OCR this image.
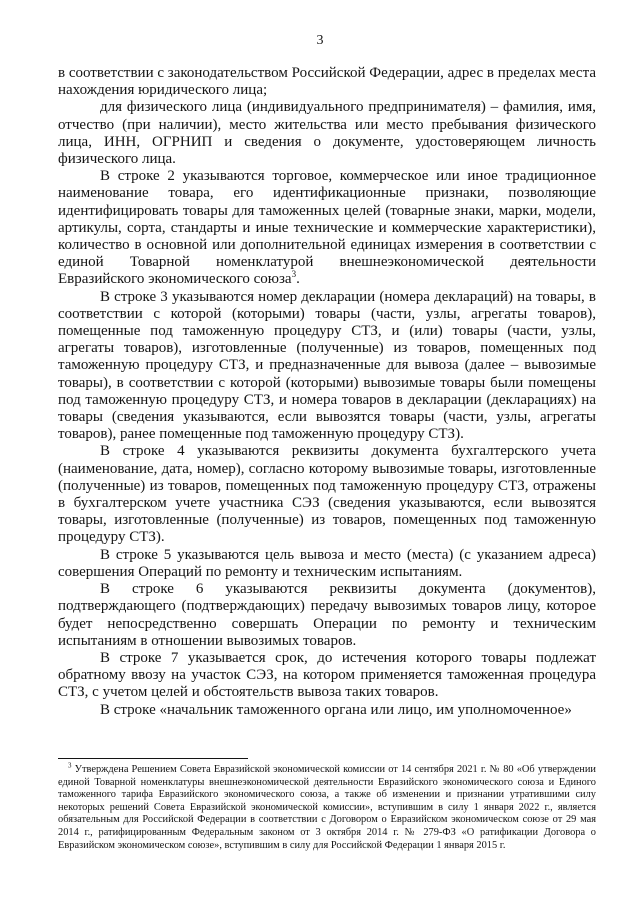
3

в соответствии с законодательством Российской Федерации, адрес в пределах места нахождения юридического лица;

для физического лица (индивидуального предпринимателя) – фамилия, имя, отчество (при наличии), место жительства или место пребывания физического лица, ИНН, ОГРНИП и сведения о документе, удостоверяющем личность физического лица.

В строке 2 указываются торговое, коммерческое или иное традиционное наименование товара, его идентификационные признаки, позволяющие идентифицировать товары для таможенных целей (товарные знаки, марки, модели, артикулы, сорта, стандарты и иные технические и коммерческие характеристики), количество в основной или дополнительной единицах измерения в соответствии с единой Товарной номенклатурой внешнеэкономической деятельности Евразийского экономического союза$^3$.

В строке 3 указываются номер декларации (номера деклараций) на товары, в соответствии с которой (которыми) товары (части, узлы, агрегаты товаров), помещенные под таможенную процедуру СТЗ, и (или) товары (части, узлы, агрегаты товаров), изготовленные (полученные) из товаров, помещенных под таможенную процедуру СТЗ, и предназначенные для вывоза (далее – вывозимые товары), в соответствии с которой (которыми) вывозимые товары были помещены под таможенную процедуру СТЗ, и номера товаров в декларации (декларациях) на товары (сведения указываются, если вывозятся товары (части, узлы, агрегаты товаров), ранее помещенные под таможенную процедуру СТЗ).

В строке 4 указываются реквизиты документа бухгалтерского учета (наименование, дата, номер), согласно которому вывозимые товары, изготовленные (полученные) из товаров, помещенных под таможенную процедуру СТЗ, отражены в бухгалтерском учете участника СЭЗ (сведения указываются, если вывозятся товары, изготовленные (полученные) из товаров, помещенных под таможенную процедуру СТЗ).

В строке 5 указываются цель вывоза и место (места) (с указанием адреса) совершения Операций по ремонту и техническим испытаниям.

В строке 6 указываются реквизиты документа (документов), подтверждающего (подтверждающих) передачу вывозимых товаров лицу, которое будет непосредственно совершать Операции по ремонту и техническим испытаниям в отношении вывозимых товаров.

В строке 7 указывается срок, до истечения которого товары подлежат обратному ввозу на участок СЭЗ, на котором применяется таможенная процедура СТЗ, с учетом целей и обстоятельств вывоза таких товаров.

В строке «начальник таможенного органа или лицо, им уполномоченное»

$^3$ Утверждена Решением Совета Евразийской экономической комиссии от 14 сентября 2021 г. № 80 «Об утверждении единой Товарной номенклатуры внешнеэкономической деятельности Евразийского экономического союза и Единого таможенного тарифа Евразийского экономического союза, а также об изменении и признании утратившими силу некоторых решений Совета Евразийской экономической комиссии», вступившим в силу 1 января 2022 г., является обязательным для Российской Федерации в соответствии с Договором о Евразийском экономическом союзе от 29 мая 2014 г., ратифицированным Федеральным законом от 3 октября 2014 г. № 279-ФЗ «О ратификации Договора о Евразийском экономическом союзе», вступившим в силу для Российской Федерации 1 января 2015 г.
